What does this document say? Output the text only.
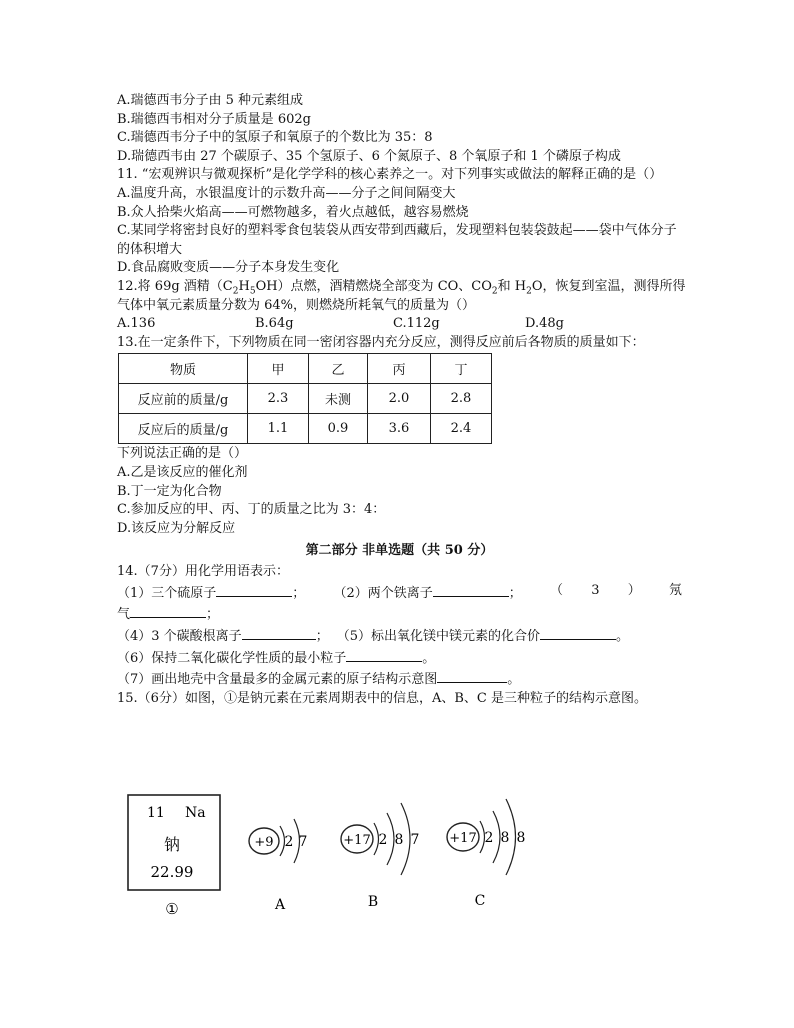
A.瑞德西韦分子由 5 种元素组成
B.瑞德西韦相对分子质量是 602g
C.瑞德西韦分子中的氢原子和氧原子的个数比为 35：8
D.瑞德西韦由 27 个碳原子、35 个氢原子、6 个氮原子、8 个氧原子和 1 个磷原子构成
11. “宏观辨识与微观探析”是化学学科的核心素养之一。对下列事实或做法的解释正确的是（）
A.温度升高，水银温度计的示数升高——分子之间间隔变大
B.众人拾柴火焰高——可燃物越多，着火点越低，越容易燃烧
C.某同学将密封良好的塑料零食包装袋从西安带到西藏后，发现塑料包装袋鼓起——袋中气体分子的体积增大
D.食品腐败变质——分子本身发生变化
12.将 69g 酒精$(C_2H_5OH)$点燃，酒精燃烧全部变为 CO、$CO_2$和 $H_2O$，恢复到室温，测得所得
气体中氧元素质量分数为 64%，则燃烧所耗氧气的质量为（）
A.136	B.64g	C.112g	D.48g
13.在一定条件下，下列物质在同一密闭容器内充分反应，测得反应前后各物质的质量如下：
物质	甲	乙	丙	丁
反应前的质量/g	2.3	未测	2.0	2.8
反应后的质量/g	1.1	0.9	3.6	2.4
下列说法正确的是（）
A.乙是该反应的催化剂
B.丁一定为化合物
C.参加反应的甲、丙、丁的质量之比为 3：4：
D.该反应为分解反应
第二部分 非单选题（共 50 分）
14.（7分）用化学用语表示：
（1）三个硫原子	； （2）两个铁离子	； （ 3 ） 氖
气	；
（4）3 个碳酸根离子	； （5）标出氧化镁中镁元素的化合价	。
（6）保持二氧化碳化学性质的最小粒子	。
（7）画出地壳中含量最多的金属元素的原子结构示意图	。
15.（6分）如图，①是钠元素在元素周期表中的信息，A、B、C 是三种粒子的结构示意图。
11 Na
钠
22.99
①
+9 2 7
A
+17 2 8 7
B
+17 2 8 8
C
